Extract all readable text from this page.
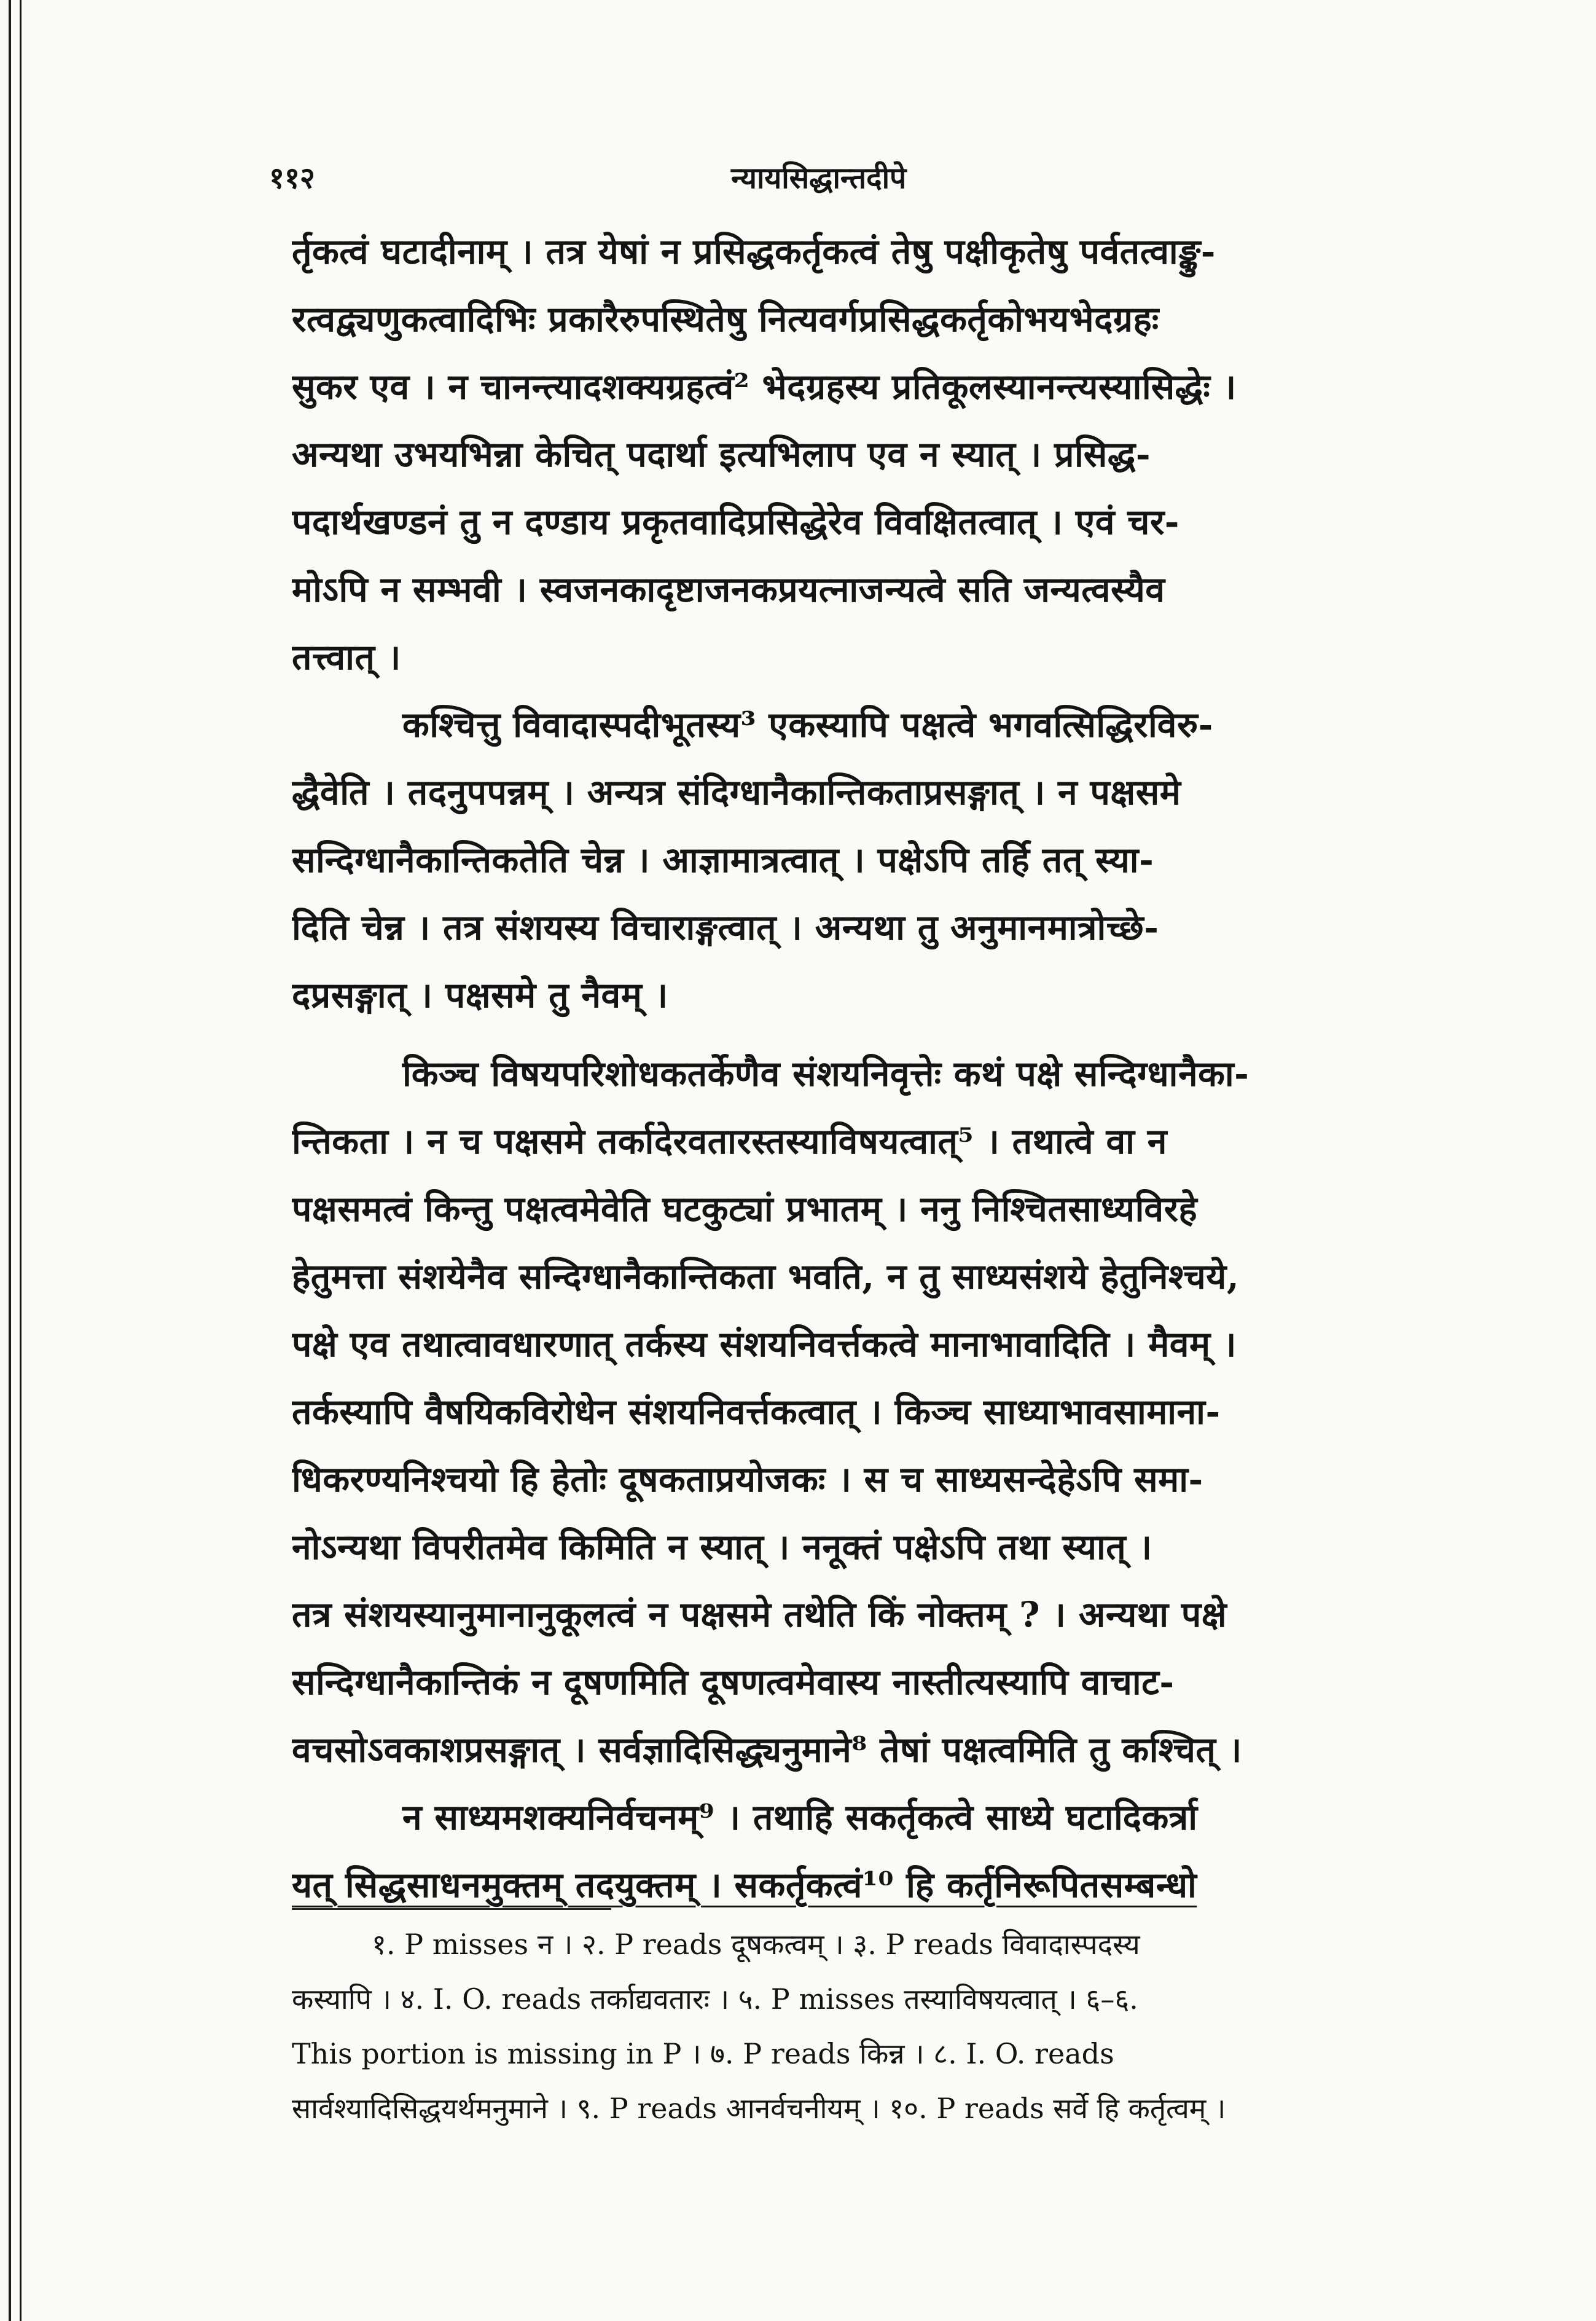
११२	न्यायसिद्धान्तदीपे
र्तृकत्वं घटादीनाम् । तत्र येषां न प्रसिद्धकर्तृकत्वं तेषु पक्षीकृतेषु पर्वतत्वाङ्कु-
रत्वद्व्यणुकत्वादिभिः प्रकारैरुपस्थितेषु नित्यवर्गप्रसिद्धकर्तृकोभयभेदग्रहः
सुकर एव । न चानन्त्यादशक्यग्रहत्वं² भेदग्रहस्य प्रतिकूलस्यानन्त्यस्यासिद्धेः ।
अन्यथा उभयभिन्ना केचित् पदार्था इत्यभिलाप एव न स्यात् । प्रसिद्ध-
पदार्थखण्डनं तु न दण्डाय प्रकृतवादिप्रसिद्धेरेव विवक्षितत्वात् । एवं चर-
मोऽपि न सम्भवी । स्वजनकादृष्टाजनकप्रयत्नाजन्यत्वे सति जन्यत्वस्यैव
तत्त्वात् ।
कश्चित्तु विवादास्पदीभूतस्य³ एकस्यापि पक्षत्वे भगवत्सिद्धिरविरु-
द्धैवेति । तदनुपपन्नम् । अन्यत्र संदिग्धानैकान्तिकताप्रसङ्गात् । न पक्षसमे
सन्दिग्धानैकान्तिकतेति चेन्न । आज्ञामात्रत्वात् । पक्षेऽपि तर्हि तत् स्या-
दिति चेन्न । तत्र संशयस्य विचाराङ्गत्वात् । अन्यथा तु अनुमानमात्रोच्छे-
दप्रसङ्गात् । पक्षसमे तु नैवम् ।
किञ्च विषयपरिशोधकतर्केणैव संशयनिवृत्तेः कथं पक्षे सन्दिग्धानैका-
न्तिकता । न च पक्षसमे तर्कादेरवतारस्तस्याविषयत्वात्⁵ । तथात्वे वा न
पक्षसमत्वं किन्तु पक्षत्वमेवेति घटकुट्यां प्रभातम् । ननु निश्चितसाध्यविरहे
हेतुमत्ता संशयेनैव सन्दिग्धानैकान्तिकता भवति, न तु साध्यसंशये हेतुनिश्चये,
पक्षे एव तथात्वावधारणात् तर्कस्य संशयनिवर्त्तकत्वे मानाभावादिति । मैवम् ।
तर्कस्यापि वैषयिकविरोधेन संशयनिवर्त्तकत्वात् । किञ्च साध्याभावसामाना-
धिकरण्यनिश्चयो हि हेतोः दूषकताप्रयोजकः । स च साध्यसन्देहेऽपि समा-
नोऽन्यथा विपरीतमेव किमिति न स्यात् । ननूक्तं पक्षेऽपि तथा स्यात् ।
तत्र संशयस्यानुमानानुकूलत्वं न पक्षसमे तथेति किं नोक्तम् ? । अन्यथा पक्षे
सन्दिग्धानैकान्तिकं न दूषणमिति दूषणत्वमेवास्य नास्तीत्यस्यापि वाचाट-
वचसोऽवकाशप्रसङ्गात् । सर्वज्ञादिसिद्ध्यनुमाने⁸ तेषां पक्षत्वमिति तु कश्चित् ।
न साध्यमशक्यनिर्वचनम्⁹ । तथाहि सकर्तृकत्वे साध्ये घटादिकर्त्रा
यत् सिद्धसाधनमुक्तम् तदयुक्तम् । सकर्तृकत्वं¹⁰ हि कर्तृनिरूपितसम्बन्धो
१. P misses न । २. P reads दूषकत्वम् । ३. P reads विवादास्पदस्य
कस्यापि । ४. I. O. reads तर्काद्यवतारः । ५. P misses तस्याविषयत्वात् । ६–६.
This portion is missing in P । ७. P reads किन्न । ८. I. O. reads
सार्वश्यादिसिद्धयर्थमनुमाने । ९. P reads आनर्वचनीयम् । १०. P reads सर्वे हि कर्तृत्वम् ।
